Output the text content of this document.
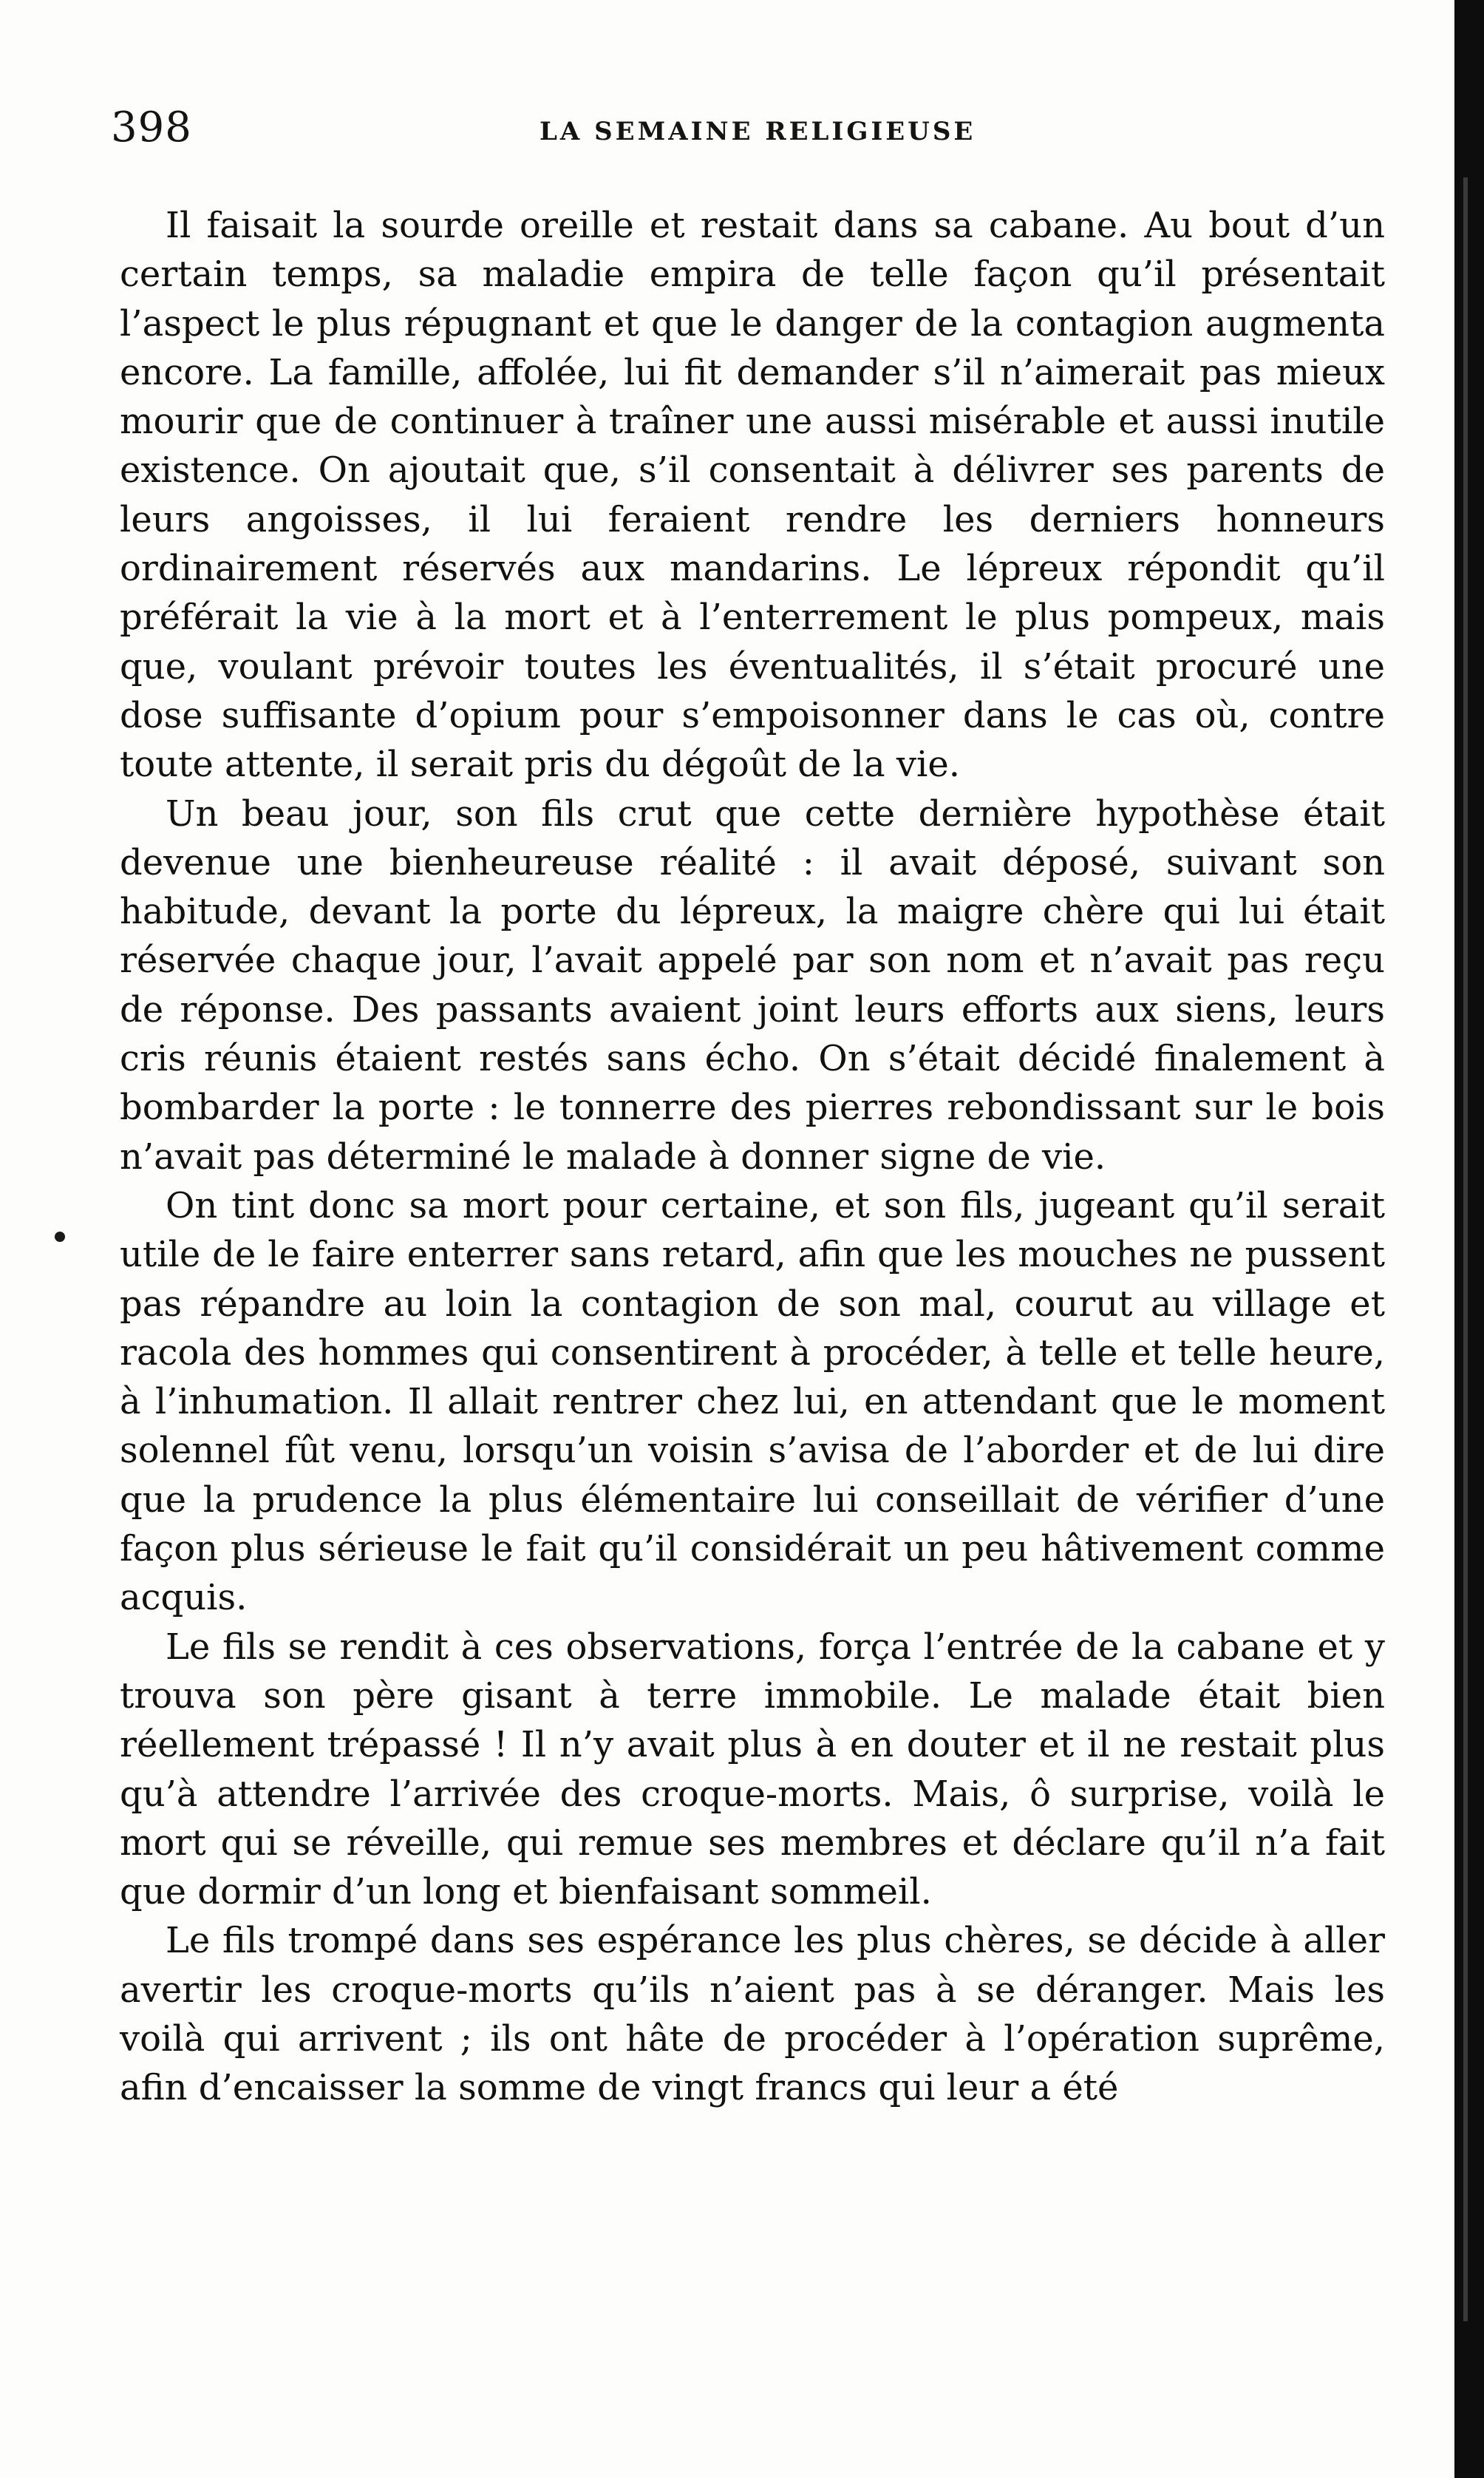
398	LA SEMAINE RELIGIEUSE

Il faisait la sourde oreille et restait dans sa cabane. Au bout d’un certain temps, sa maladie empira de telle façon qu’il présentait l’aspect le plus répugnant et que le danger de la contagion augmenta encore. La famille, affolée, lui fit demander s’il n’aimerait pas mieux mourir que de continuer à traîner une aussi misérable et aussi inutile existence. On ajoutait que, s’il consentait à délivrer ses parents de leurs angoisses, il lui feraient rendre les derniers honneurs ordinairement réservés aux mandarins. Le lépreux répondit qu’il préférait la vie à la mort et à l’enterrement le plus pompeux, mais que, voulant prévoir toutes les éventualités, il s’était procuré une dose suffisante d’opium pour s’empoisonner dans le cas où, contre toute attente, il serait pris du dégoût de la vie.

Un beau jour, son fils crut que cette dernière hypothèse était devenue une bienheureuse réalité : il avait déposé, suivant son habitude, devant la porte du lépreux, la maigre chère qui lui était réservée chaque jour, l’avait appelé par son nom et n’avait pas reçu de réponse. Des passants avaient joint leurs efforts aux siens, leurs cris réunis étaient restés sans écho. On s’était décidé finalement à bombarder la porte : le tonnerre des pierres rebondissant sur le bois n’avait pas déterminé le malade à donner signe de vie.

On tint donc sa mort pour certaine, et son fils, jugeant qu’il serait utile de le faire enterrer sans retard, afin que les mouches ne pussent pas répandre au loin la contagion de son mal, courut au village et racola des hommes qui consentirent à procéder, à telle et telle heure, à l’inhumation. Il allait rentrer chez lui, en attendant que le moment solennel fût venu, lorsqu’un voisin s’avisa de l’aborder et de lui dire que la prudence la plus élémentaire lui conseillait de vérifier d’une façon plus sérieuse le fait qu’il considérait un peu hâtivement comme acquis.

Le fils se rendit à ces observations, força l’entrée de la cabane et y trouva son père gisant à terre immobile. Le malade était bien réellement trépassé ! Il n’y avait plus à en douter et il ne restait plus qu’à attendre l’arrivée des croque-morts. Mais, ô surprise, voilà le mort qui se réveille, qui remue ses membres et déclare qu’il n’a fait que dormir d’un long et bienfaisant sommeil.

Le fils trompé dans ses espérance les plus chères, se décide à aller avertir les croque-morts qu’ils n’aient pas à se déranger. Mais les voilà qui arrivent ; ils ont hâte de procéder à l’opération suprême, afin d’encaisser la somme de vingt francs qui leur a été
